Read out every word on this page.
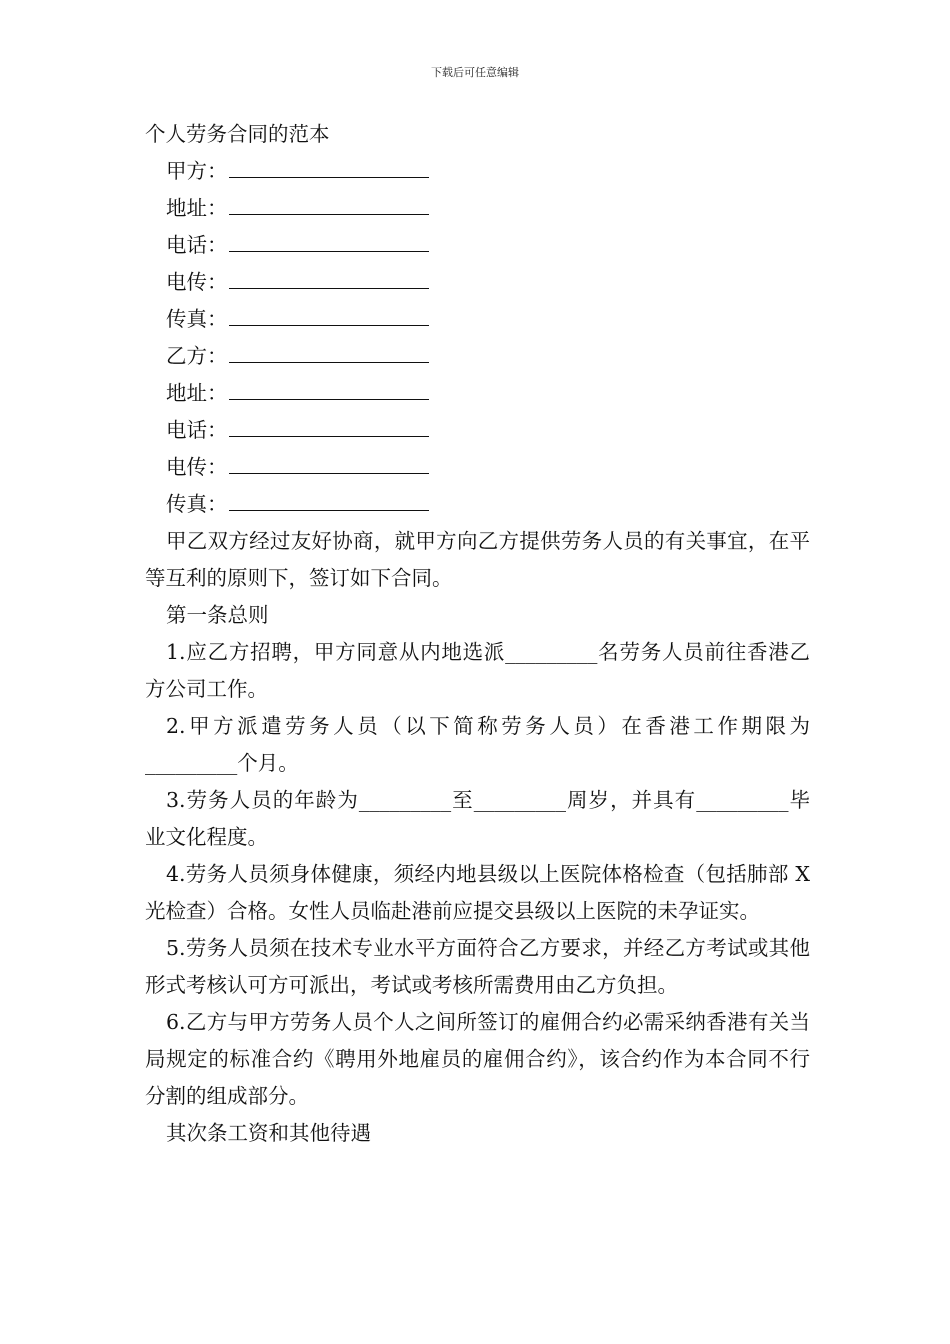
下载后可任意编辑
个人劳务合同的范本
甲方：
地址：
电话：
电传：
传真：
乙方：
地址：
电话：
电传：
传真：
甲乙双方经过友好协商，就甲方向乙方提供劳务人员的有关事宜，在平等互利的原则下，签订如下合同。
第一条总则
1.应乙方招聘，甲方同意从内地选派_________名劳务人员前往香港乙方公司工作。
2.甲方派遣劳务人员（以下简称劳务人员）在香港工作期限为_________个月。
3.劳务人员的年龄为_________至_________周岁，并具有_________毕业文化程度。
4.劳务人员须身体健康，须经内地县级以上医院体格检查（包括肺部 X 光检查）合格。女性人员临赴港前应提交县级以上医院的未孕证实。
5.劳务人员须在技术专业水平方面符合乙方要求，并经乙方考试或其他形式考核认可方可派出，考试或考核所需费用由乙方负担。
6.乙方与甲方劳务人员个人之间所签订的雇佣合约必需采纳香港有关当局规定的标准合约《聘用外地雇员的雇佣合约》，该合约作为本合同不行分割的组成部分。
其次条工资和其他待遇
